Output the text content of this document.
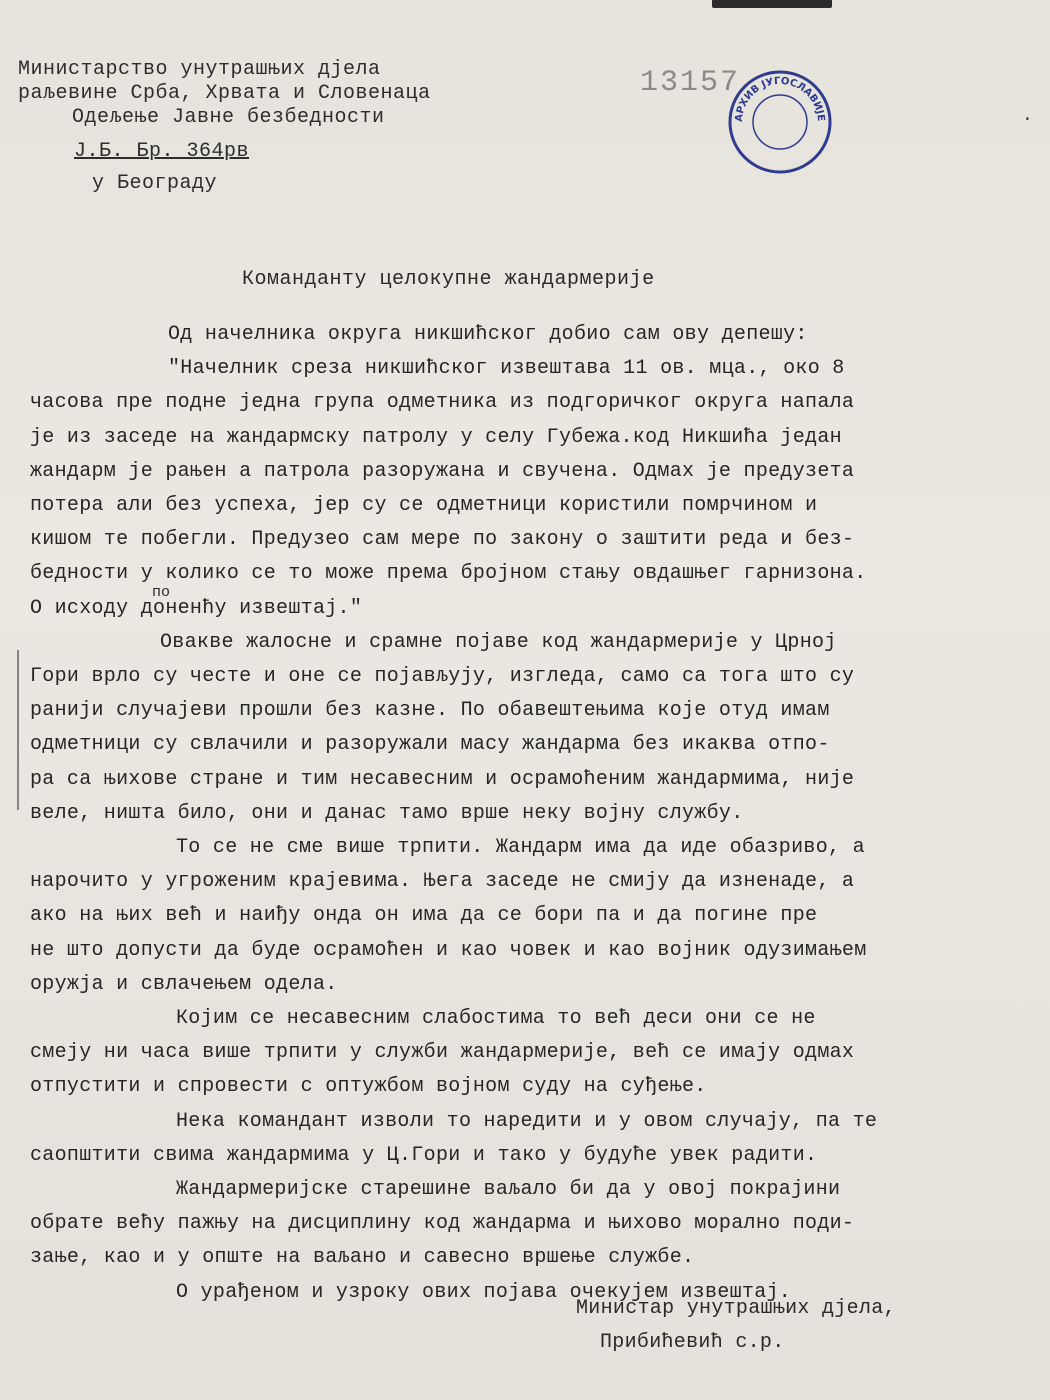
.
Министарство унутрашњих дјела
раљевине Срба, Хрвата и Словенаца
Одељење Јавне безбедности
Ј.Б. Бр. 364рв
у Београду
13157
АРХИВ ЈУГОСЛАВИЈЕ
Команданту целокупне жандармерије
по
Од начелника округа никшићског добио сам ову депешу:
"Начелник среза никшићског извештава 11 ов. мца., око 8
часова пре подне једна група одметника из подгоричког округа напала
је из заседе на жандармску патролу у селу Губежа.код Никшића један
жандарм је рањен а патрола разоружана и свучена. Одмах је предузета
потера али без успеха, јер су се одметници користили помрчином и
кишом те побегли. Предузео сам мере по закону о заштити реда и без-
бедности у колико се то може према бројном стању овдашњег гарнизона.
О исходу доненћу извештај."
Овакве жалосне и срамне појаве код жандармерије у Црној
Гори врло су честе и оне се појављују, изгледа, само са тога што су
ранији случајеви прошли без казне. По обавештењима које отуд имам
одметници су свлачили и разоружали масу жандарма без икаква отпо-
ра са њихове стране и тим несавесним и осрамоћеним жандармима, није
веле, ништа било, они и данас тамо врше неку војну службу.
То се не сме више трпити. Жандарм има да иде обазриво, а
нарочито у угроженим крајевима. Њега заседе не смију да изненаде, а
ако на њих већ и наиђу онда он има да се бори па и да погине пре
не што допусти да буде осрамоћен и као човек и као војник одузимањем
оружја и свлачењем одела.
Којим се несавесним слабостима то већ деси они се не
смеју ни часа више трпити у служби жандармерије, већ се имају одмах
отпустити и спровести с оптужбом војном суду на суђење.
Нека командант изволи то наредити и у овом случају, па те
саопштити свима жандармима у Ц.Гори и тако у будуће увек радити.
Жандармеријске старешине ваљало би да у овој покрајини
обрате већу пажњу на дисциплину код жандарма и њихово морално поди-
зање, као и у опште на ваљано и савесно вршење службе.
О урађеном и узроку ових појава очекујем извештај.
Министар унутрашњих дјела,
Прибићевић с.р.
